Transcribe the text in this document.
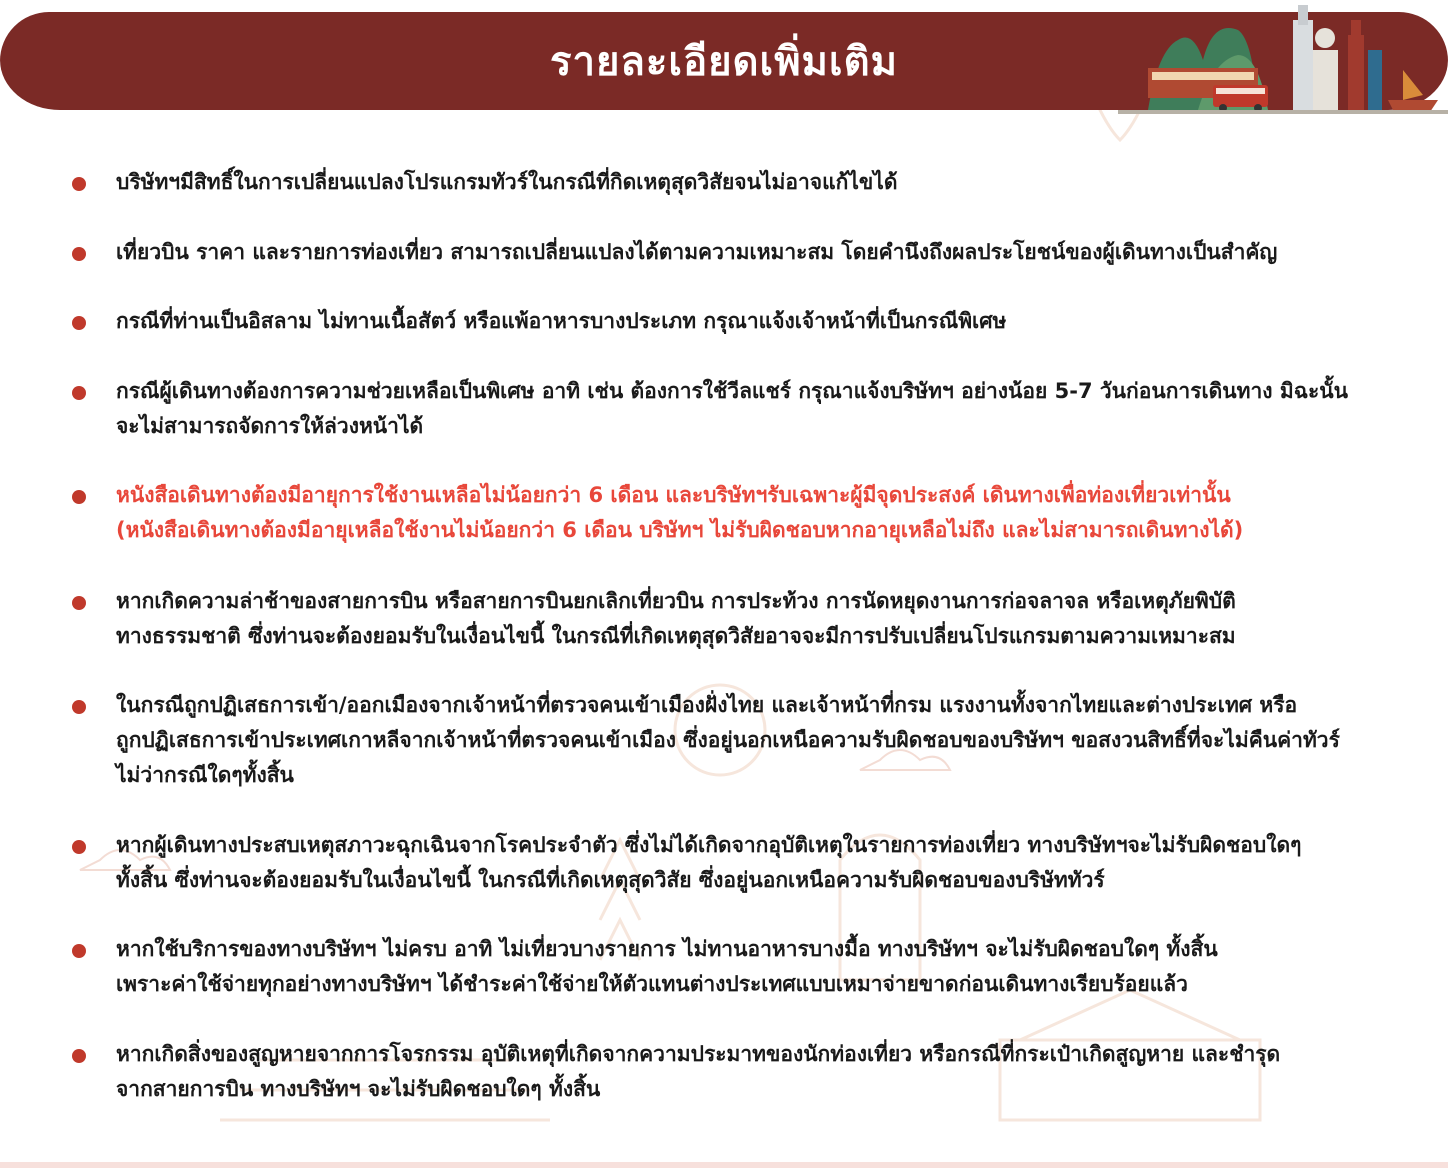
รายละเอียดเพิ่มเติม
บริษัทฯมีสิทธิ์ในการเปลี่ยนแปลงโปรแกรมทัวร์ในกรณีที่กิดเหตุสุดวิสัยจนไม่อาจแก้ไขได้
เที่ยวบิน ราคา และรายการท่องเที่ยว สามารถเปลี่ยนแปลงได้ตามความเหมาะสม โดยคำนึงถึงผลประโยชน์ของผู้เดินทางเป็นสำคัญ
กรณีที่ท่านเป็นอิสลาม ไม่ทานเนื้อสัตว์ หรือแพ้อาหารบางประเภท กรุณาแจ้งเจ้าหน้าที่เป็นกรณีพิเศษ
กรณีผู้เดินทางต้องการความช่วยเหลือเป็นพิเศษ อาทิ เช่น ต้องการใช้วีลแชร์ กรุณาแจ้งบริษัทฯ อย่างน้อย 5-7 วันก่อนการเดินทาง มิฉะนั้น
จะไม่สามารถจัดการให้ล่วงหน้าได้
หนังสือเดินทางต้องมีอายุการใช้งานเหลือไม่น้อยกว่า 6 เดือน และบริษัทฯรับเฉพาะผู้มีจุดประสงค์ เดินทางเพื่อท่องเที่ยวเท่านั้น
(หนังสือเดินทางต้องมีอายุเหลือใช้งานไม่น้อยกว่า 6 เดือน บริษัทฯ ไม่รับผิดชอบหากอายุเหลือไม่ถึง และไม่สามารถเดินทางได้)
หากเกิดความล่าช้าของสายการบิน หรือสายการบินยกเลิกเที่ยวบิน การประท้วง การนัดหยุดงานการก่อจลาจล หรือเหตุภัยพิบัติ
ทางธรรมชาติ ซึ่งท่านจะต้องยอมรับในเงื่อนไขนี้ ในกรณีที่เกิดเหตุสุดวิสัยอาจจะมีการปรับเปลี่ยนโปรแกรมตามความเหมาะสม
ในกรณีถูกปฏิเสธการเข้า/ออกเมืองจากเจ้าหน้าที่ตรวจคนเข้าเมืองฝั่งไทย และเจ้าหน้าที่กรม แรงงานทั้งจากไทยและต่างประเทศ หรือ
ถูกปฏิเสธการเข้าประเทศเกาหลีจากเจ้าหน้าที่ตรวจคนเข้าเมือง ซึ่งอยู่นอกเหนือความรับผิดชอบของบริษัทฯ ขอสงวนสิทธิ์ที่จะไม่คืนค่าทัวร์
ไม่ว่ากรณีใดๆทั้งสิ้น
หากผู้เดินทางประสบเหตุสภาวะฉุกเฉินจากโรคประจำตัว ซึ่งไม่ได้เกิดจากอุบัติเหตุในรายการท่องเที่ยว ทางบริษัทฯจะไม่รับผิดชอบใดๆ
ทั้งสิ้น ซึ่งท่านจะต้องยอมรับในเงื่อนไขนี้ ในกรณีที่เกิดเหตุสุดวิสัย ซึ่งอยู่นอกเหนือความรับผิดชอบของบริษัททัวร์
หากใช้บริการของทางบริษัทฯ ไม่ครบ อาทิ ไม่เที่ยวบางรายการ ไม่ทานอาหารบางมื้อ ทางบริษัทฯ จะไม่รับผิดชอบใดๆ ทั้งสิ้น
เพราะค่าใช้จ่ายทุกอย่างทางบริษัทฯ ได้ชำระค่าใช้จ่ายให้ตัวแทนต่างประเทศแบบเหมาจ่ายขาดก่อนเดินทางเรียบร้อยแล้ว
หากเกิดสิ่งของสูญหายจากการโจรกรรม อุบัติเหตุที่เกิดจากความประมาทของนักท่องเที่ยว หรือกรณีที่กระเป๋าเกิดสูญหาย และชำรุด
จากสายการบิน ทางบริษัทฯ จะไม่รับผิดชอบใดๆ ทั้งสิ้น
